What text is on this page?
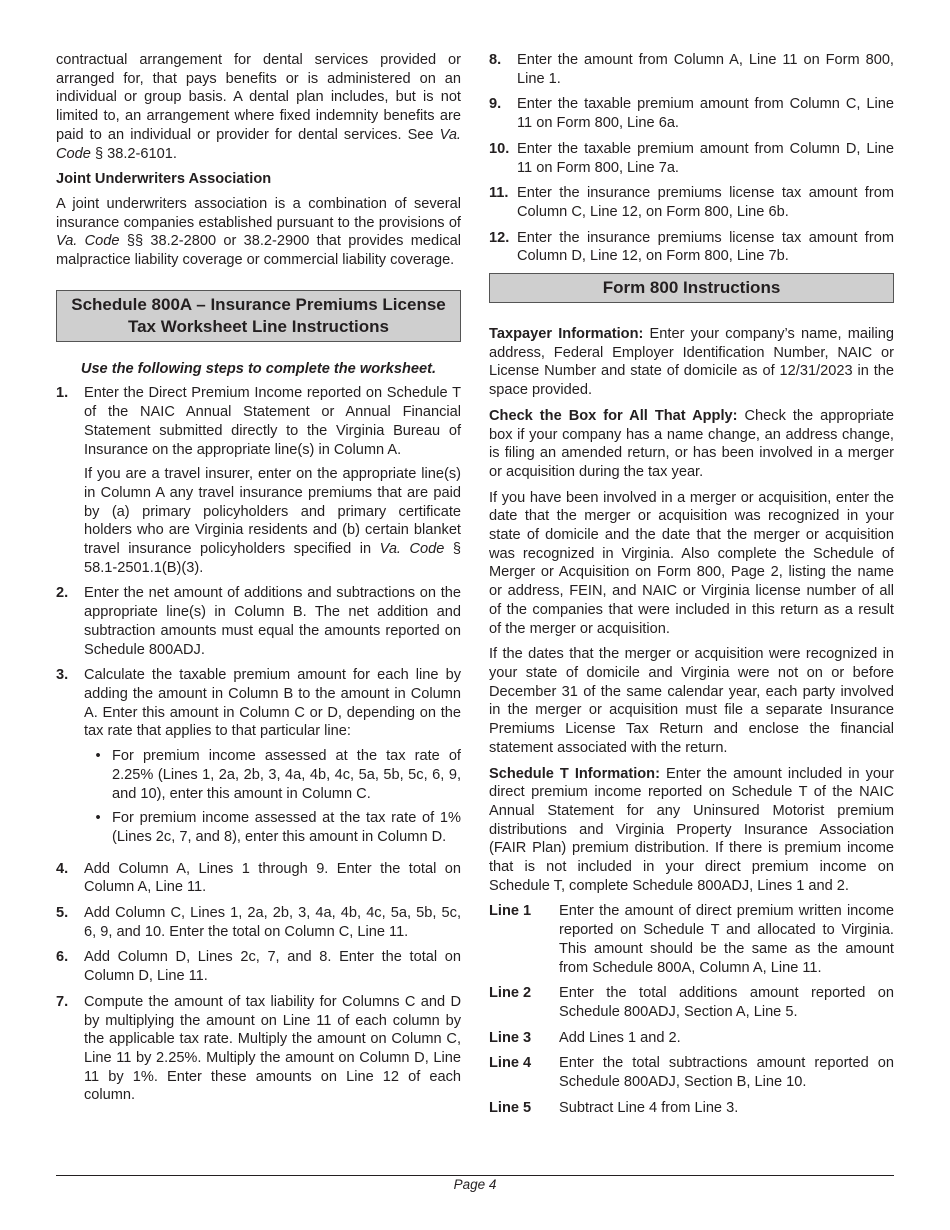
contractual arrangement for dental services provided or arranged for, that pays benefits or is administered on an individual or group basis. A dental plan includes, but is not limited to, an arrangement where fixed indemnity benefits are paid to an individual or provider for dental services. See Va. Code § 38.2-6101.

Joint Underwriters Association

A joint underwriters association is a combination of several insurance companies established pursuant to the provisions of Va. Code §§ 38.2-2800 or 38.2-2900 that provides medical malpractice liability coverage or commercial liability coverage.

Schedule 800A – Insurance Premiums License Tax Worksheet Line Instructions
Use the following steps to complete the worksheet.
1.	Enter the Direct Premium Income reported on Schedule T of the NAIC Annual Statement or Annual Financial Statement submitted directly to the Virginia Bureau of Insurance on the appropriate line(s) in Column A.

If you are a travel insurer, enter on the appropriate line(s) in Column A any travel insurance premiums that are paid by (a) primary policyholders and primary certificate holders who are Virginia residents and (b) certain blanket travel insurance policyholders specified in Va. Code § 58.1-2501.1(B)(3).

2.	Enter the net amount of additions and subtractions on the appropriate line(s) in Column B. The net addition and subtraction amounts must equal the amounts reported on Schedule 800ADJ.

3.	Calculate the taxable premium amount for each line by adding the amount in Column B to the amount in Column A. Enter this amount in Column C or D, depending on the tax rate that applies to that particular line:

• For premium income assessed at the tax rate of 2.25% (Lines 1, 2a, 2b, 3, 4a, 4b, 4c, 5a, 5b, 5c, 6, 9, and 10), enter this amount in Column C.
• For premium income assessed at the tax rate of 1% (Lines 2c, 7, and 8), enter this amount in Column D.
4.	Add Column A, Lines 1 through 9. Enter the total on Column A, Line 11.

5.	Add Column C, Lines 1, 2a, 2b, 3, 4a, 4b, 4c, 5a, 5b, 5c, 6, 9, and 10. Enter the total on Column C, Line 11.

6.	Add Column D, Lines 2c, 7, and 8. Enter the total on Column D, Line 11.

7.	Compute the amount of tax liability for Columns C and D by multiplying the amount on Line 11 of each column by the applicable tax rate. Multiply the amount on Column C, Line 11 by 2.25%. Multiply the amount on Column D, Line 11 by 1%. Enter these amounts on Line 12 of each column.

8.	Enter the amount from Column A, Line 11 on Form 800, Line 1.

9.	Enter the taxable premium amount from Column C, Line 11 on Form 800, Line 6a.

10. Enter the taxable premium amount from Column D, Line 11 on Form 800, Line 7a.

11. Enter the insurance premiums license tax amount from Column C, Line 12, on Form 800, Line 6b.

12. Enter the insurance premiums license tax amount from Column D, Line 12, on Form 800, Line 7b.

Form 800 Instructions

Taxpayer Information: Enter your company’s name, mailing address, Federal Employer Identification Number, NAIC or License Number and state of domicile as of 12/31/2023 in the space provided.

Check the Box for All That Apply: Check the appropriate box if your company has a name change, an address change, is filing an amended return, or has been involved in a merger or acquisition during the tax year.

If you have been involved in a merger or acquisition, enter the date that the merger or acquisition was recognized in your state of domicile and the date that the merger or acquisition was recognized in Virginia. Also complete the Schedule of Merger or Acquisition on Form 800, Page 2, listing the name or address, FEIN, and NAIC or Virginia license number of all of the companies that were included in this return as a result of the merger or acquisition.

If the dates that the merger or acquisition were recognized in your state of domicile and Virginia were not on or before December 31 of the same calendar year, each party involved in the merger or acquisition must file a separate Insurance Premiums License Tax Return and enclose the financial statement associated with the return.

Schedule T Information: Enter the amount included in your direct premium income reported on Schedule T of the NAIC Annual Statement for any Uninsured Motorist premium distributions and Virginia Property Insurance Association (FAIR Plan) premium distribution. If there is premium income that is not included in your direct premium income on Schedule T, complete Schedule 800ADJ, Lines 1 and 2.

Line 1	Enter the amount of direct premium written income reported on Schedule T and allocated to Virginia. This amount should be the same as the amount from Schedule 800A, Column A, Line 11.
Line 2	Enter the total additions amount reported on Schedule 800ADJ, Section A, Line 5.
Line 3	Add Lines 1 and 2.
Line 4	Enter the total subtractions amount reported on Schedule 800ADJ, Section B, Line 10.
Line 5	Subtract Line 4 from Line 3.
Page 4
